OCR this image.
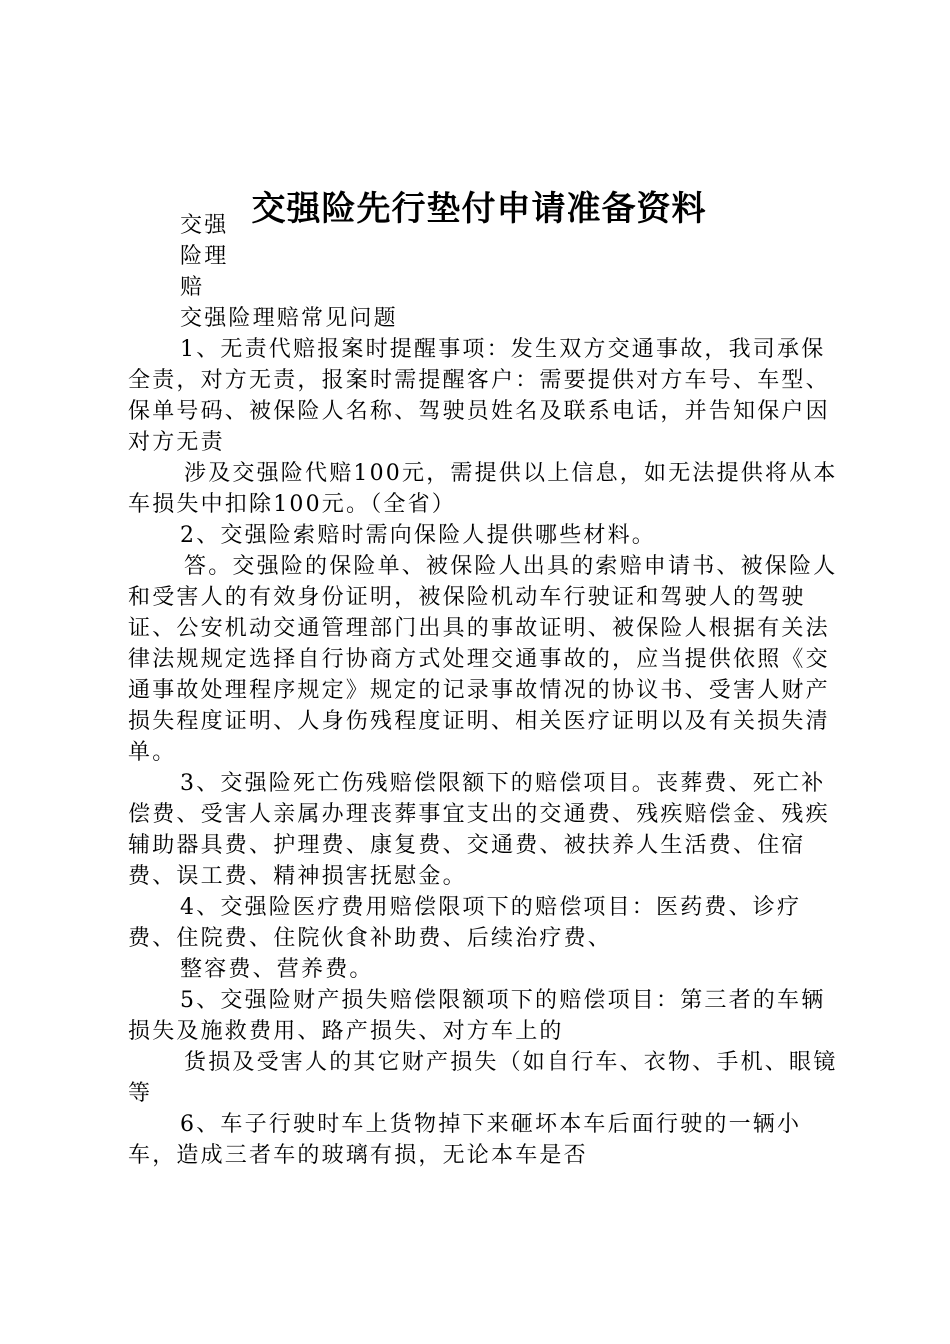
交强险先行垫付申请准备资料

交强

险理

赔

交强险理赔常见问题

1、无责代赔报案时提醒事项：发生双方交通事故，我司承保全责，对方无责，报案时需提醒客户：需要提供对方车号、车型、保单号码、被保险人名称、驾驶员姓名及联系电话，并告知保户因对方无责

涉及交强险代赔100元，需提供以上信息，如无法提供将从本车损失中扣除100元。（全省）

2、交强险索赔时需向保险人提供哪些材料。

答。交强险的保险单、被保险人出具的索赔申请书、被保险人和受害人的有效身份证明，被保险机动车行驶证和驾驶人的驾驶证、公安机动交通管理部门出具的事故证明、被保险人根据有关法律法规规定选择自行协商方式处理交通事故的，应当提供依照《交通事故处理程序规定》规定的记录事故情况的协议书、受害人财产损失程度证明、人身伤残程度证明、相关医疗证明以及有关损失清单。

3、交强险死亡伤残赔偿限额下的赔偿项目。丧葬费、死亡补偿费、受害人亲属办理丧葬事宜支出的交通费、残疾赔偿金、残疾辅助器具费、护理费、康复费、交通费、被扶养人生活费、住宿费、误工费、精神损害抚慰金。

4、交强险医疗费用赔偿限项下的赔偿项目：医药费、诊疗费、住院费、住院伙食补助费、后续治疗费、

整容费、营养费。

5、交强险财产损失赔偿限额项下的赔偿项目：第三者的车辆损失及施救费用、路产损失、对方车上的

货损及受害人的其它财产损失（如自行车、衣物、手机、眼镜等

6、车子行驶时车上货物掉下来砸坏本车后面行驶的一辆小车，造成三者车的玻璃有损，无论本车是否
